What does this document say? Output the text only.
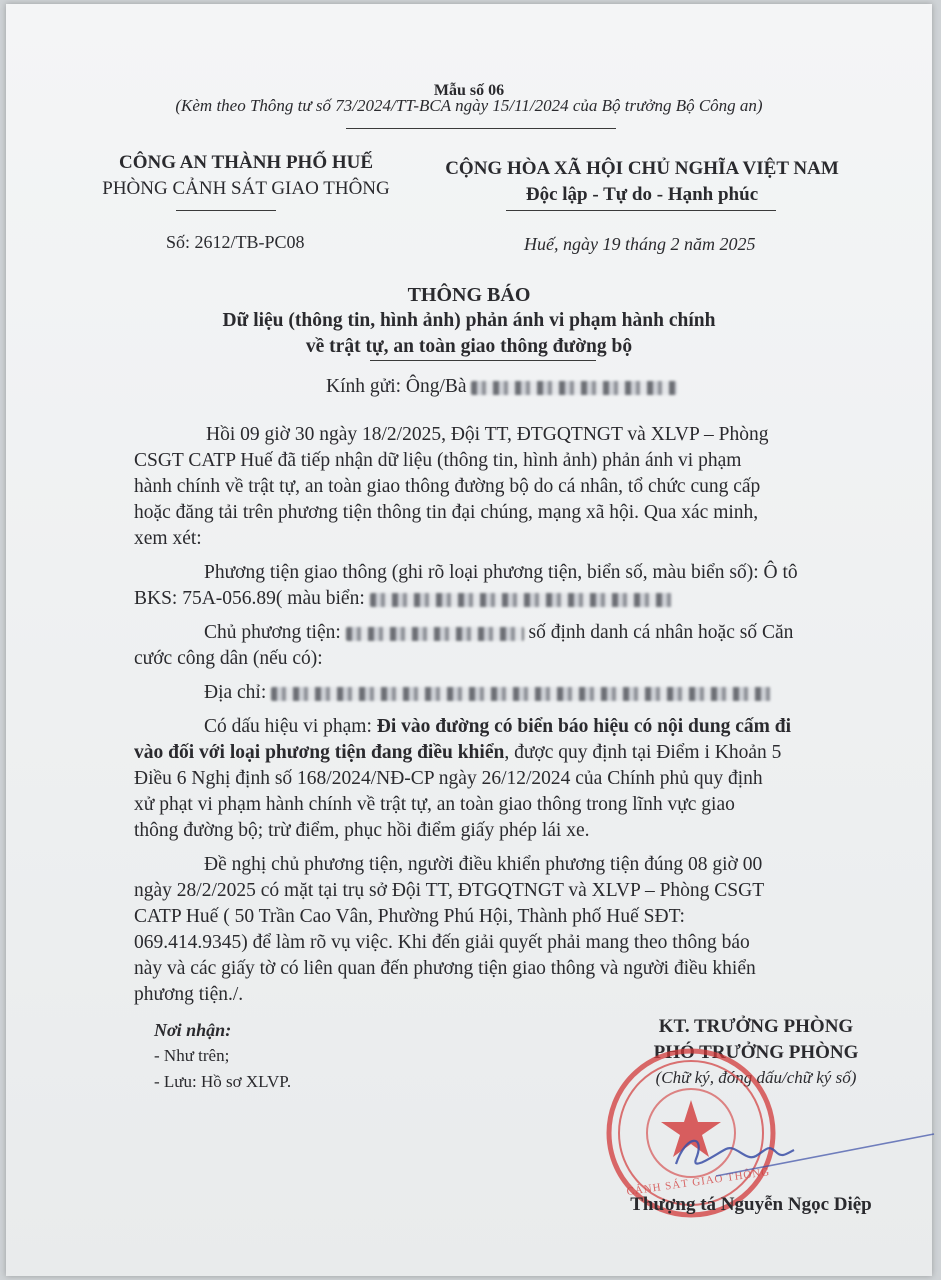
Mẫu số 06
(Kèm theo Thông tư số 73/2024/TT-BCA ngày 15/11/2024 của Bộ trưởng Bộ Công an)
CÔNG AN THÀNH PHỐ HUẾ
PHÒNG CẢNH SÁT GIAO THÔNG
Số: 2612/TB-PC08
CỘNG HÒA XÃ HỘI CHỦ NGHĨA VIỆT NAM
Độc lập - Tự do - Hạnh phúc
Huế, ngày 19 tháng 2 năm 2025
THÔNG BÁO
Dữ liệu (thông tin, hình ảnh) phản ánh vi phạm hành chính
về trật tự, an toàn giao thông đường bộ
Kính gửi: Ông/Bà
Hồi 09 giờ 30 ngày 18/2/2025, Đội TT, ĐTGQTNGT và XLVP – Phòng
CSGT CATP Huế đã tiếp nhận dữ liệu (thông tin, hình ảnh) phản ánh vi phạm
hành chính về trật tự, an toàn giao thông đường bộ do cá nhân, tổ chức cung cấp
hoặc đăng tải trên phương tiện thông tin đại chúng, mạng xã hội. Qua xác minh,
xem xét:
Phương tiện giao thông (ghi rõ loại phương tiện, biển số, màu biển số): Ô tô
BKS: 75A-056.89( màu biển:
Chủ phương tiện:	số định danh cá nhân hoặc số Căn
cước công dân (nếu có):
Địa chỉ:
Có dấu hiệu vi phạm: Đi vào đường có biển báo hiệu có nội dung cấm đi
vào đối với loại phương tiện đang điều khiển, được quy định tại Điểm i Khoản 5
Điều 6 Nghị định số 168/2024/NĐ-CP ngày 26/12/2024 của Chính phủ quy định
xử phạt vi phạm hành chính về trật tự, an toàn giao thông trong lĩnh vực giao
thông đường bộ; trừ điểm, phục hồi điểm giấy phép lái xe.
Đề nghị chủ phương tiện, người điều khiển phương tiện đúng 08 giờ 00
ngày 28/2/2025 có mặt tại trụ sở Đội TT, ĐTGQTNGT và XLVP – Phòng CSGT
CATP Huế ( 50 Trần Cao Vân, Phường Phú Hội, Thành phố Huế SĐT:
069.414.9345) để làm rõ vụ việc. Khi đến giải quyết phải mang theo thông báo
này và các giấy tờ có liên quan đến phương tiện giao thông và người điều khiển
phương tiện./.
Nơi nhận:
- Như trên;
- Lưu: Hồ sơ XLVP.
KT. TRƯỞNG PHÒNG
PHÓ TRƯỞNG PHÒNG
(Chữ ký, đóng dấu/chữ ký số)
CẢNH SÁT GIAO THÔNG
Thượng tá Nguyễn Ngọc Diệp
